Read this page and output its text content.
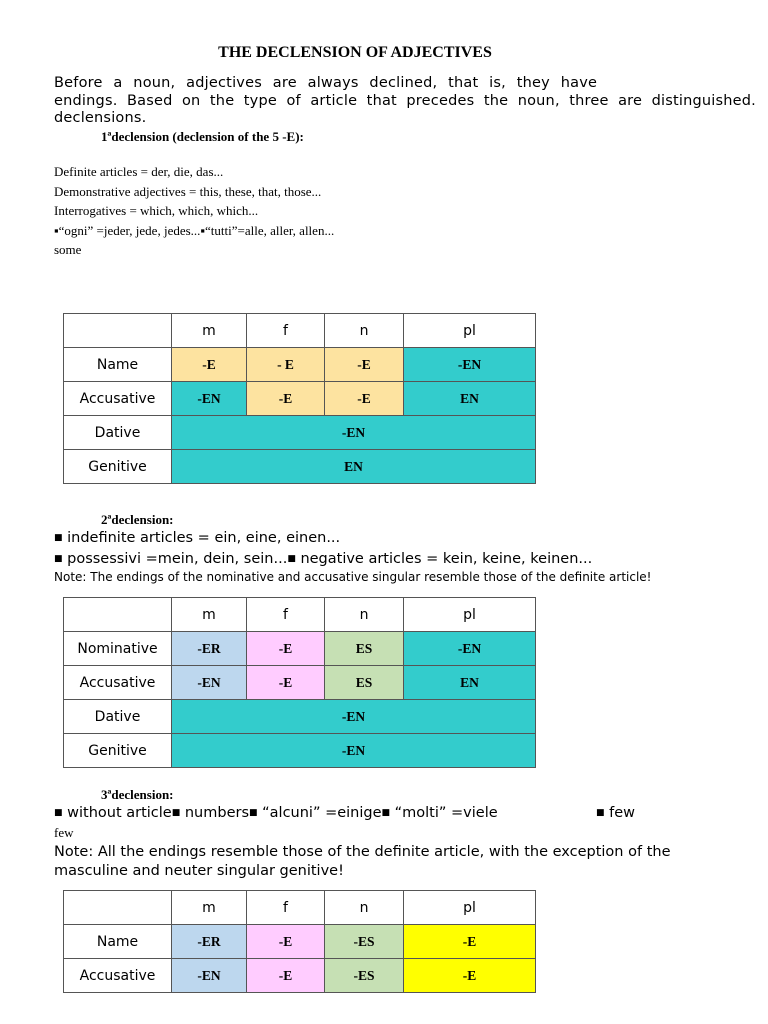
THE DECLENSION OF ADJECTIVES
Before a noun, adjectives are always declined, that is, they have
endings. Based on the type of article that precedes the noun, three are distinguished.
declensions.
1ªdeclension (declension of the 5 -E):
Definite articles = der, die, das...
Demonstrative adjectives = this, these, that, those...
Interrogatives = which, which, which...
▪“ogni” =jeder, jede, jedes...▪“tutti”=alle, aller, allen...
some
	m	f	n	pl
Name	-E	- E	-E	-EN
Accusative	-EN	-E	-E	EN
Dative	-EN			
Genitive	EN			
2ªdeclension:
■ indefinite articles = ein, eine, einen...
■ possessivi =mein, dein, sein...■ negative articles = kein, keine, keinen...
Note: The endings of the nominative and accusative singular resemble those of the definite article!
	m	f	n	pl
Nominative	-ER	-E	ES	-EN
Accusative	-EN	-E	ES	EN
Dative	-EN			
Genitive	-EN			
3ªdeclension:
■ without article■ numbers■ “alcuni” =einige■ “molti” =viele	■ few
few
Note: All the endings resemble those of the definite article, with the exception of the
masculine and neuter singular genitive!
	m	f	n	pl
Name	-ER	-E	-ES	-E
Accusative	-EN	-E	-ES	-E
